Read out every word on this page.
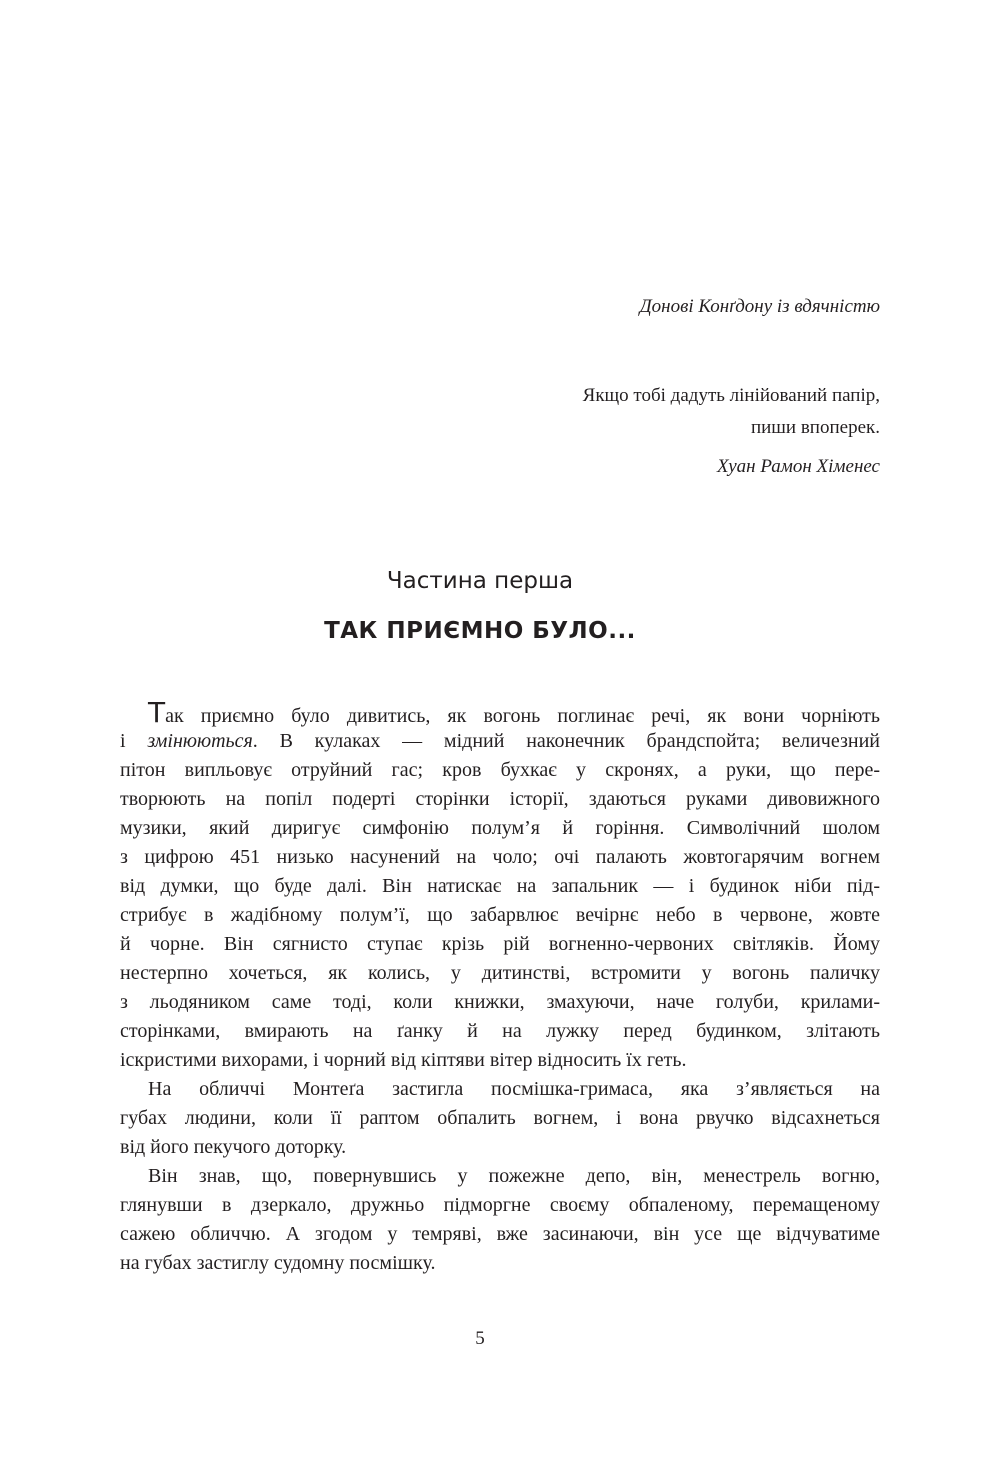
Донові Конґдону із вдячністю
Якщо тобі дадуть лінійований папір,
пиши впоперек.
Хуан Рамон Хіменес
Частина перша
ТАК ПРИЄМНО БУЛО...
Так приємно було дивитись, як вогонь поглинає речі, як вони чорніють
і змінюються. В кулаках — мідний наконечник брандспойта; величезний
пітон випльовує отруйний гас; кров бухкає у скронях, а руки, що пере-
творюють на попіл подерті сторінки історії, здаються руками дивовижного
музики, який диригує симфонію полум’я й горіння. Символічний шолом
з цифрою 451 низько насунений на чоло; очі палають жовтогарячим вогнем
від думки, що буде далі. Він натискає на запальник — і будинок ніби під-
стрибує в жадібному полум’ї, що забарвлює вечірнє небо в червоне, жовте
й чорне. Він сягнисто ступає крізь рій вогненно-червоних світляків. Йому
нестерпно хочеться, як колись, у дитинстві, встромити у вогонь паличку
з льодяником саме тоді, коли книжки, змахуючи, наче голуби, крилами-
сторінками, вмирають на ґанку й на лужку перед будинком, злітають
іскристими вихорами, і чорний від кіптяви вітер відносить їх геть.
На обличчі Монтеґа застигла посмішка-гримаса, яка з’являється на
губах людини, коли її раптом обпалить вогнем, і вона рвучко відсахнеться
від його пекучого доторку.
Він знав, що, повернувшись у пожежне депо, він, менестрель вогню,
глянувши в дзеркало, дружньо підморгне своєму обпаленому, перемащеному
сажею обличчю. А згодом у темряві, вже засинаючи, він усе ще відчуватиме
на губах застиглу судомну посмішку.
5
